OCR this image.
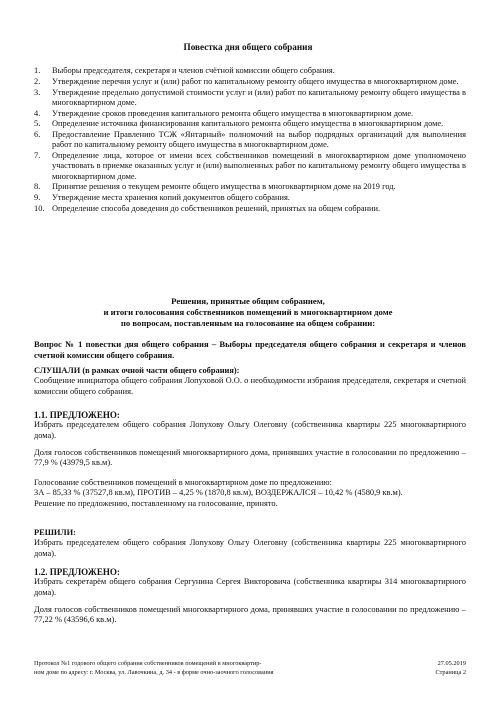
Повестка дня общего собрания
1. Выборы председателя, секретаря и членов счётной комиссии общего собрания.
2. Утверждение перечня услуг и (или) работ по капитальному ремонту общего имущества в многоквартирном доме.
3. Утверждение предельно допустимой стоимости услуг и (или) работ по капитальному ремонту общего имущества в многоквартирном доме.
4. Утверждение сроков проведения капитального ремонта общего имущества в многоквартирном доме.
5. Определение источника финансирования капитального ремонта общего имущества в многоквартирном доме.
6. Предоставление Правлению ТСЖ «Янтарный» полномочий на выбор подрядных организаций для выполнения работ по капитальному ремонту общего имущества в многоквартирном доме.
7. Определение лица, которое от имени всех собственников помещений в многоквартирном доме уполномочено участвовать в приемке оказанных услуг и (или) выполненных работ по капитальному ремонту общего имущества в многоквартирном доме.
8. Принятие решения о текущем ремонте общего имущества в многоквартирном доме на 2019 год.
9. Утверждение места хранения копий документов общего собрания.
10. Определение способа доведения до собственников решений, принятых на общем собрании.
Решения, принятые общим собранием,
и итоги голосования собственников помещений в многоквартирном доме
по вопросам, поставленным на голосование на общем собрании:
Вопрос № 1 повестки дня общего собрания – Выборы председателя общего собрания и секретаря и членов счетной комиссии общего собрания.
СЛУШАЛИ (в рамках очной части общего собрания):
Сообщение инициатора общего собрания Лопуховой О.О. о необходимости избрания председателя, секретаря и счетной комиссии общего собрания.
1.1. ПРЕДЛОЖЕНО:
Избрать председателем общего собрания Лопухову Ольгу Олеговну (собственника квартиры 225 многоквартирного дома).
Доля голосов собственников помещений многоквартирного дома, принявших участие в голосовании по предложению – 77,9 % (43979,5 кв.м).
Голосование собственников помещений в многоквартирном доме по предложению:
ЗА – 85,33 % (37527,8 кв.м), ПРОТИВ – 4,25 % (1870,8 кв.м), ВОЗДЕРЖАЛСЯ – 10,42 % (4580,9 кв.м).
Решение по предложению, поставленному на голосование, принято.
РЕШИЛИ:
Избрать председателем общего собрания Лопухову Ольгу Олеговну (собственника квартиры 225 многоквартирного дома).
1.2. ПРЕДЛОЖЕНО:
Избрать секретарём общего собрания Сергунина Сергея Викторовича (собственника квартиры 314 многоквартирного дома).
Доля голосов собственников помещений многоквартирного дома, принявших участие в голосовании по предложению – 77,22 % (43596,6 кв.м).
Протокол №1 годового общего собрания собственников помещений в многоквартир-
ном доме по адресу: г. Москва, ул. Лавочкина, д. 34 - в форме очно-заочного голосования
27.05.2019
Страница 2
